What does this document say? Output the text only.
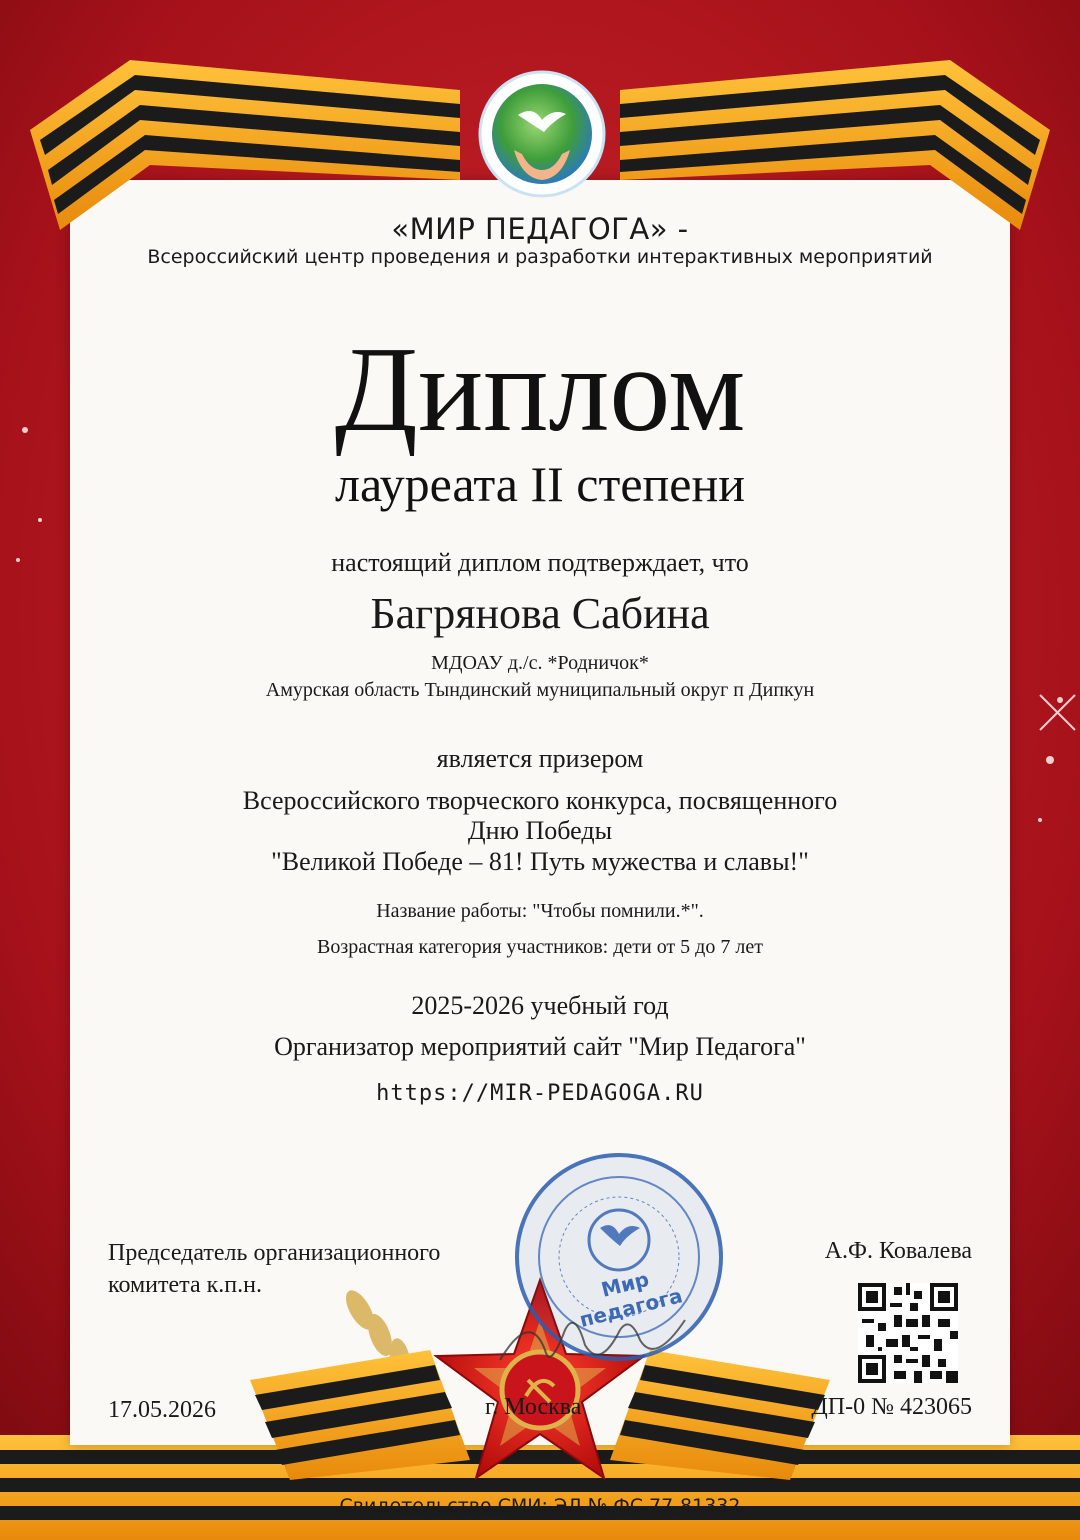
«МИР ПЕДАГОГА» -
Всероссийский центр проведения и разработки интерактивных мероприятий
Диплом
лауреата II степени
настоящий диплом подтверждает, что
Багрянова Сабина
МДОАУ д./с. *Родничок*
Амурская область Тындинский муниципальный округ п Дипкун
является призером
Всероссийского творческого конкурса, посвященного
Дню Победы
"Великой Победе – 81! Путь мужества и славы!"
Название работы: "Чтобы помнили.*".
Возрастная категория участников: дети от 5 до 7 лет
2025-2026 учебный год
Организатор мероприятий сайт "Мир Педагога"
https://MIR-PEDAGOGA.RU
Мир педагога
Председатель организационного
комитета к.п.н.
А.Ф. Ковалева
17.05.2026	г. Москва	ДП-0 № 423065
Свидетельство СМИ: ЭЛ № ФС 77-81332
